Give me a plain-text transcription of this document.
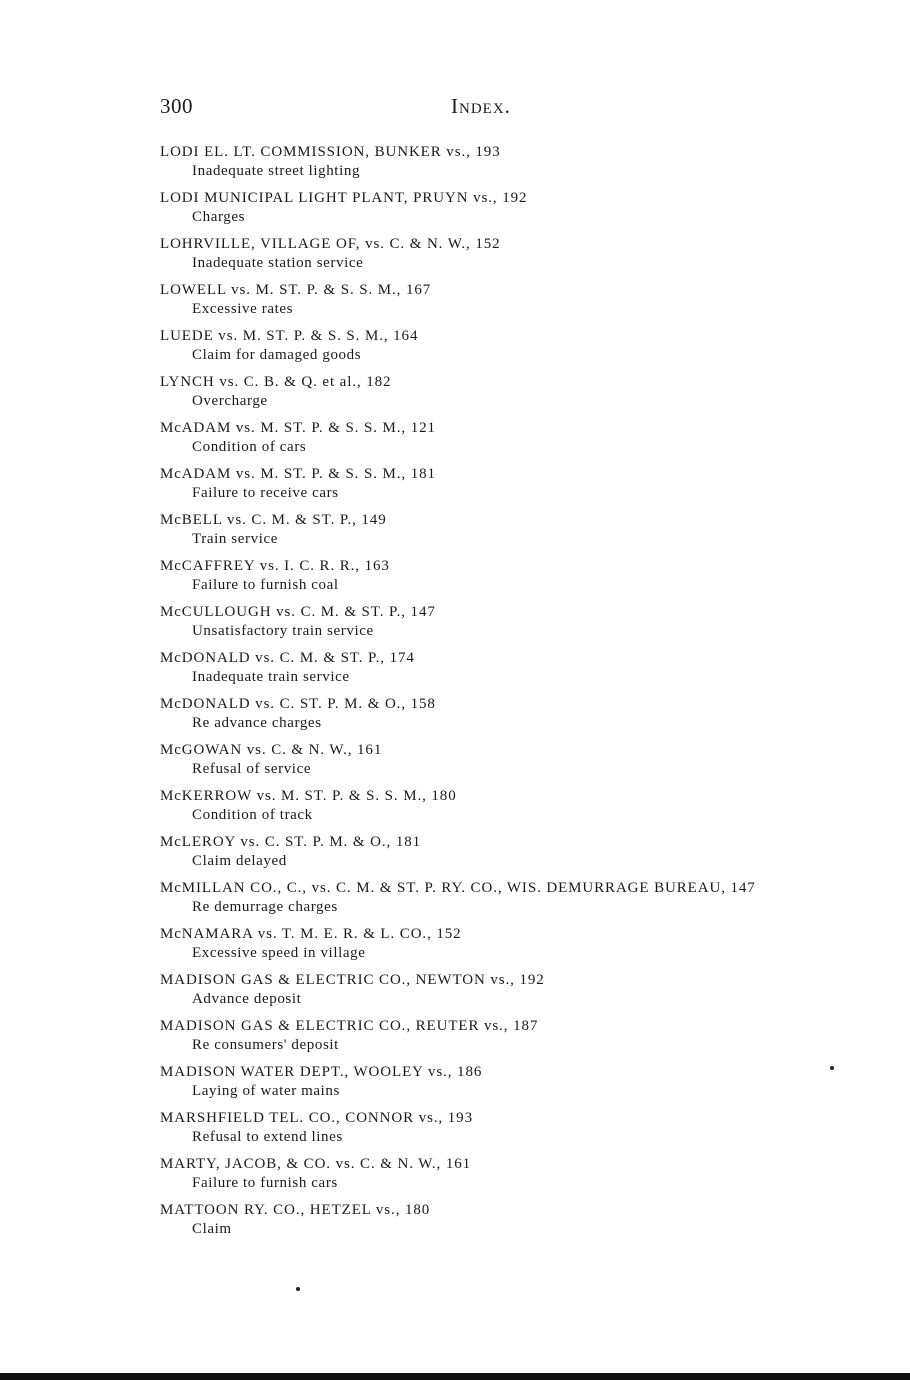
300	Index.
LODI EL. LT. COMMISSION, BUNKER vs., 193
Inadequate street lighting
LODI MUNICIPAL LIGHT PLANT, PRUYN vs., 192
Charges
LOHRVILLE, VILLAGE OF, vs. C. & N. W., 152
Inadequate station service
LOWELL vs. M. ST. P. & S. S. M., 167
Excessive rates
LUEDE vs. M. ST. P. & S. S. M., 164
Claim for damaged goods
LYNCH vs. C. B. & Q. et al., 182
Overcharge
McADAM vs. M. ST. P. & S. S. M., 121
Condition of cars
McADAM vs. M. ST. P. & S. S. M., 181
Failure to receive cars
McBELL vs. C. M. & ST. P., 149
Train service
McCAFFREY vs. I. C. R. R., 163
Failure to furnish coal
McCULLOUGH vs. C. M. & ST. P., 147
Unsatisfactory train service
McDONALD vs. C. M. & ST. P., 174
Inadequate train service
McDONALD vs. C. ST. P. M. & O., 158
Re advance charges
McGOWAN vs. C. & N. W., 161
Refusal of service
McKERROW vs. M. ST. P. & S. S. M., 180
Condition of track
McLEROY vs. C. ST. P. M. & O., 181
Claim delayed
McMILLAN CO., C., vs. C. M. & ST. P. RY. CO., WIS. DEMURRAGE BUREAU, 147
Re demurrage charges
McNAMARA vs. T. M. E. R. & L. CO., 152
Excessive speed in village
MADISON GAS & ELECTRIC CO., NEWTON vs., 192
Advance deposit
MADISON GAS & ELECTRIC CO., REUTER vs., 187
Re consumers' deposit
MADISON WATER DEPT., WOOLEY vs., 186
Laying of water mains
MARSHFIELD TEL. CO., CONNOR vs., 193
Refusal to extend lines
MARTY, JACOB, & CO. vs. C. & N. W., 161
Failure to furnish cars
MATTOON RY. CO., HETZEL vs., 180
Claim
